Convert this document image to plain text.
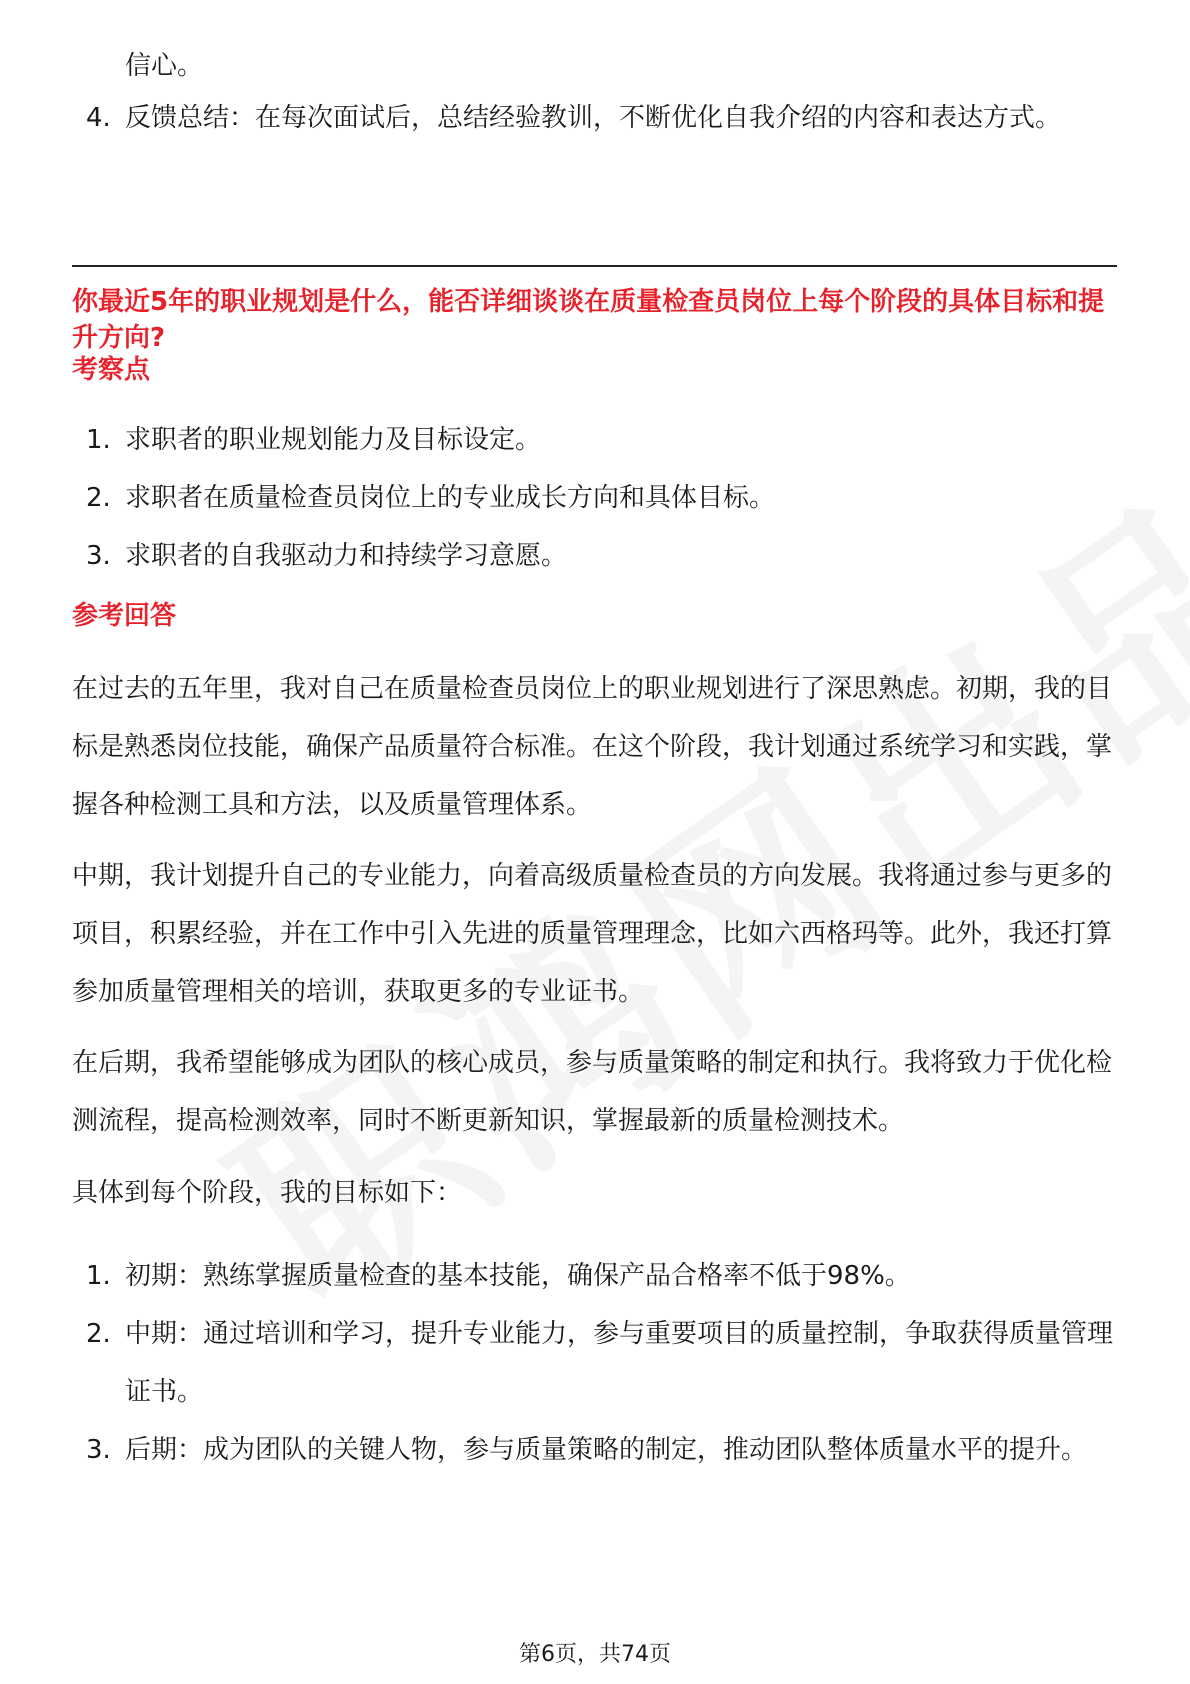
信心。
4. 反馈总结：在每次面试后，总结经验教训，不断优化自我介绍的内容和表达方式。
你最近5年的职业规划是什么，能否详细谈谈在质量检查员岗位上每个阶段的具体目标和提升方向?
考察点
1. 求职者的职业规划能力及目标设定。
2. 求职者在质量检查员岗位上的专业成长方向和具体目标。
3. 求职者的自我驱动力和持续学习意愿。
参考回答

在过去的五年里，我对自己在质量检查员岗位上的职业规划进行了深思熟虑。初期，我的目标是熟悉岗位技能，确保产品质量符合标准。在这个阶段，我计划通过系统学习和实践，掌握各种检测工具和方法，以及质量管理体系。

中期，我计划提升自己的专业能力，向着高级质量检查员的方向发展。我将通过参与更多的项目，积累经验，并在工作中引入先进的质量管理理念，比如六西格玛等。此外，我还打算参加质量管理相关的培训，获取更多的专业证书。

在后期，我希望能够成为团队的核心成员，参与质量策略的制定和执行。我将致力于优化检测流程，提高检测效率，同时不断更新知识，掌握最新的质量检测技术。

具体到每个阶段，我的目标如下：

1. 初期：熟练掌握质量检查的基本技能，确保产品合格率不低于98%。
2. 中期：通过培训和学习，提升专业能力，参与重要项目的质量控制，争取获得质量管理证书。
3. 后期：成为团队的关键人物，参与质量策略的制定，推动团队整体质量水平的提升。
第6页，共74页
